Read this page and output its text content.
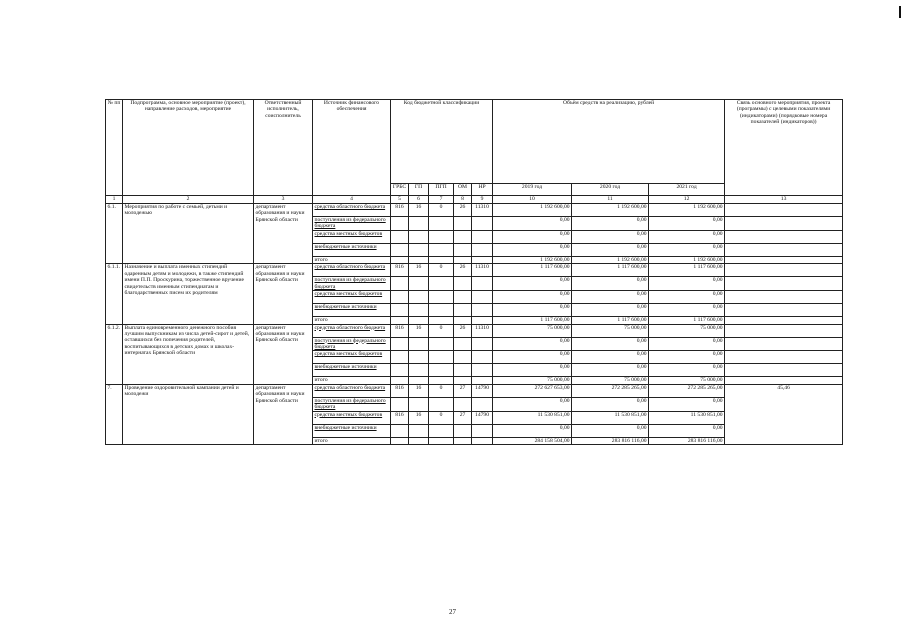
№ пп	Подпрограмма, основное мероприятие (проект), направление расходов, мероприятие	Ответственный исполнитель, соисполнитель	Источник финансового обеспечения	Код бюджетной классификации					Объём средств на реализацию, рублей			Связь основного мероприятия, проекта (программы) с целевыми показателями (индикаторами) (порядковые номера показателей (индикаторов))
				ГРБС	ГП	ПГП	ОМ	НР	2019 год	2020 год	2021 год	
1	2	3	4	5	6	7	8	9	10	11	12	13
6.1.	Мероприятия по работе с семьей, детьми и молодежью	департамент образования и науки Брянской области	средства областного бюджета	816	16	0	26	11310	1 192 600,00	1 192 600,00	1 192 600,00	
			поступления из федерального бюджета						0,00	0,00	0,00	
			средства местных бюджетов						0,00	0,00	0,00	
			внебюджетные источники						0,00	0,00	0,00	
			итого						1 192 600,00	1 192 600,00	1 192 600,00	
6.1.1.	Назначение и выплата именных стипендий одаренным детям и молодежи, в также стипендий имени П.П. Проскурина, торжественное вручение свидетельств именным стипендиатам и благодарственных писем их родителям	департамент образования и науки Брянской области	средства областного бюджета	816	16	0	26	11310	1 117 600,00	1 117 600,00	1 117 600,00	
			поступления из федерального бюджета						0,00	0,00	0,00	
			средства местных бюджетов						0,00	0,00	0,00	
			внебюджетные источники						0,00	0,00	0,00	
			итого						1 117 600,00	1 117 600,00	1 117 600,00	
6.1.2.	Выплата единовременного денежного пособия лучшим выпускникам из числа детей-сирот и детей, оставшихся без попечения родителей, воспитывающихся в детских домах и школах-интернатах Брянской области	департамент образования и науки Брянской области	средства областного бюджета	816	16	0	26	11310	75 000,00	75 000,00	75 000,00	
			поступления из федерального бюджета						0,00	0,00	0,00	
			средства местных бюджетов						0,00	0,00	0,00	
			внебюджетные источники						0,00	0,00	0,00	
			итого						75 000,00	75 000,00	75 000,00	
7.	Проведение оздоровительной кампании детей и молодежи	департамент образования и науки Брянской области	средства областного бюджета	816	16	0	27	14790	272 627 653,00	272 285 265,00	272 285 265,00	45,46
			поступления из федерального бюджета						0,00	0,00	0,00	
			средства местных бюджетов	816	16	0	27	14790	11 530 851,00	11 530 851,00	11 530 851,00	
			внебюджетные источники						0,00	0,00	0,00	
			итого						284 158 504,00	283 816 116,00	283 816 116,00	
27
